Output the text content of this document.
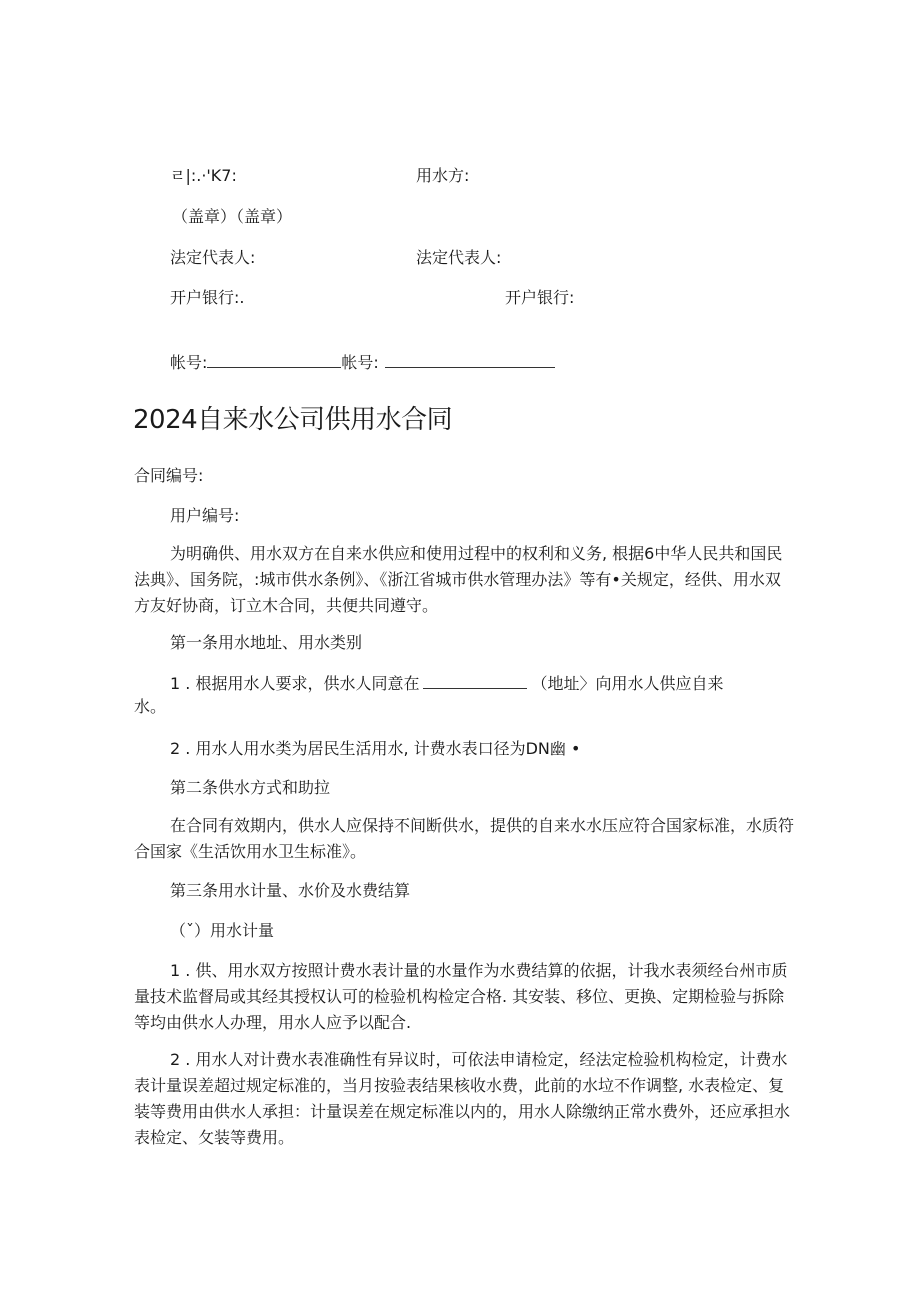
ㄹ|:.·'K7:	用水方:
（盖章）（盖章）
法定代表人:	法定代表人:
开户银行:.	开户银行:
帐号:	帐号:
2024自来水公司供用水合同
合同编号:
用户编号:
为明确供、用水双方在自来水供应和使用过程中的权利和义务, 根据6中华人民共和国民法典》、国务院，:城市供水条例》、《浙江省城市供水管理办法》等有•关规定，经供、用水双方友好协商，订立木合同，共便共同遵守。
第一条用水地址、用水类别
1 . 根据用水人要求，供水人同意在	（地址〉向用水人供应自来
水。
2 . 用水人用水类为居民生活用水, 计费水表口径为DN幽 •
第二条供水方式和助拉
在合同有效期内，供水人应保持不间断供水，提供的自来水水压应符合国家标准，水质符合国家《生活饮用水卫生标准》。
第三条用水计量、水价及水费结算
（ˇ）用水计量
1 . 供、用水双方按照计费水表计量的水量作为水费结算的依据，计我水表须经台州市质量技术监督局或其经其授权认可的检验机构检定合格. 其安装、移位、更换、定期检验与拆除等均由供水人办理，用水人应予以配合.
2 . 用水人对计费水表准确性有异议时，可依法申请检定，经法定检验机构检定，计费水表计量误差超过规定标准的，当月按验表结果核收水费，此前的水垃不作调整, 水表检定、复装等费用由供水人承担：计量误差在规定标准以内的，用水人除缴纳正常水费外，还应承担水表检定、攵装等费用。
